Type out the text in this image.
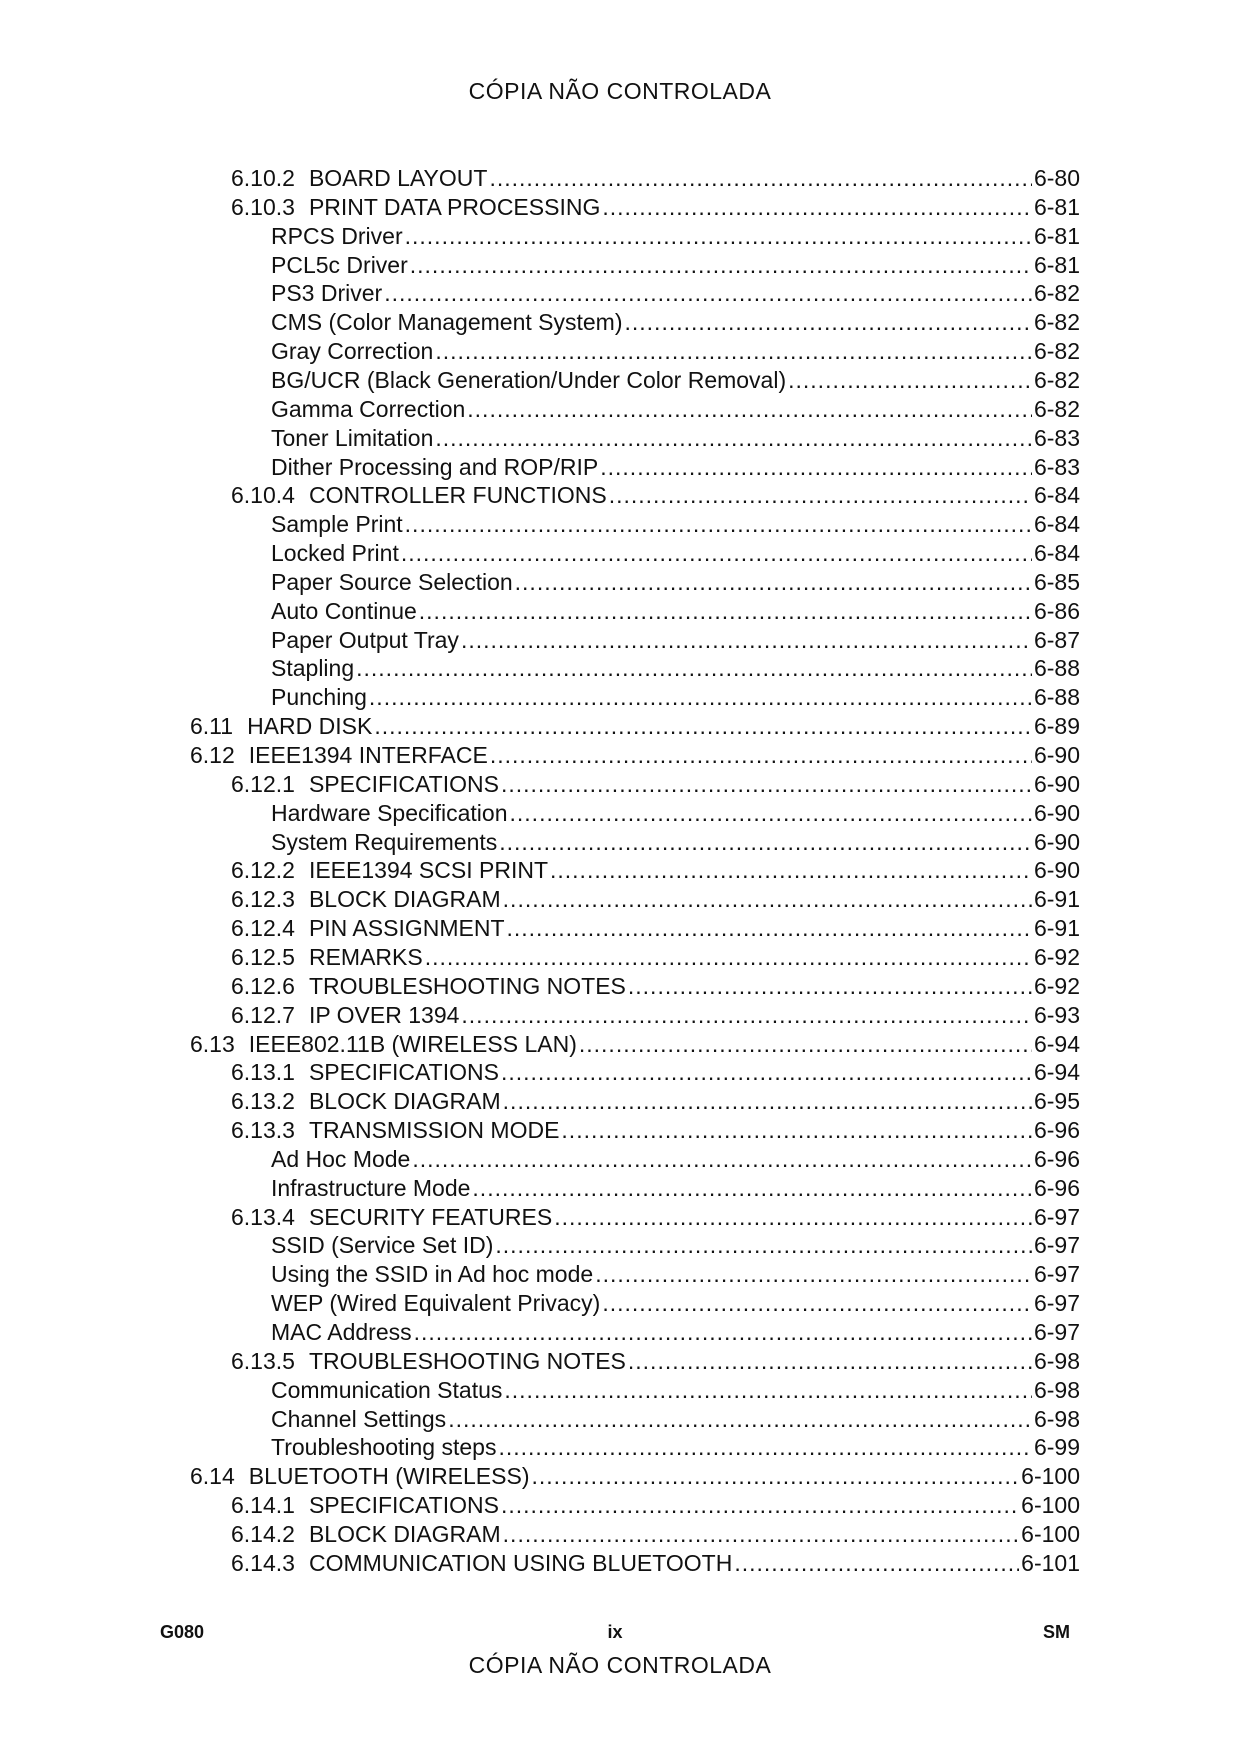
CÓPIA NÃO CONTROLADA
6.10.2 BOARD LAYOUT .....	6-80
6.10.3 PRINT DATA PROCESSING .....	6-81
RPCS Driver .....	6-81
PCL5c Driver .....	6-81
PS3 Driver .....	6-82
CMS (Color Management System) .....	6-82
Gray Correction .....	6-82
BG/UCR (Black Generation/Under Color Removal) .....	6-82
Gamma Correction .....	6-82
Toner Limitation .....	6-83
Dither Processing and ROP/RIP .....	6-83
6.10.4 CONTROLLER FUNCTIONS .....	6-84
Sample Print .....	6-84
Locked Print .....	6-84
Paper Source Selection .....	6-85
Auto Continue .....	6-86
Paper Output Tray .....	6-87
Stapling .....	6-88
Punching .....	6-88
6.11 HARD DISK .....	6-89
6.12 IEEE1394 INTERFACE .....	6-90
6.12.1 SPECIFICATIONS .....	6-90
Hardware Specification .....	6-90
System Requirements .....	6-90
6.12.2 IEEE1394 SCSI PRINT .....	6-90
6.12.3 BLOCK DIAGRAM .....	6-91
6.12.4 PIN ASSIGNMENT .....	6-91
6.12.5 REMARKS .....	6-92
6.12.6 TROUBLESHOOTING NOTES .....	6-92
6.12.7 IP OVER 1394 .....	6-93
6.13 IEEE802.11B (WIRELESS LAN) .....	6-94
6.13.1 SPECIFICATIONS .....	6-94
6.13.2 BLOCK DIAGRAM .....	6-95
6.13.3 TRANSMISSION MODE .....	6-96
Ad Hoc Mode .....	6-96
Infrastructure Mode .....	6-96
6.13.4 SECURITY FEATURES .....	6-97
SSID (Service Set ID) .....	6-97
Using the SSID in Ad hoc mode .....	6-97
WEP (Wired Equivalent Privacy) .....	6-97
MAC Address .....	6-97
6.13.5 TROUBLESHOOTING NOTES .....	6-98
Communication Status .....	6-98
Channel Settings .....	6-98
Troubleshooting steps .....	6-99
6.14 BLUETOOTH (WIRELESS) .....	6-100
6.14.1 SPECIFICATIONS .....	6-100
6.14.2 BLOCK DIAGRAM .....	6-100
6.14.3 COMMUNICATION USING BLUETOOTH .....	6-101
G080	ix	SM
CÓPIA NÃO CONTROLADA
